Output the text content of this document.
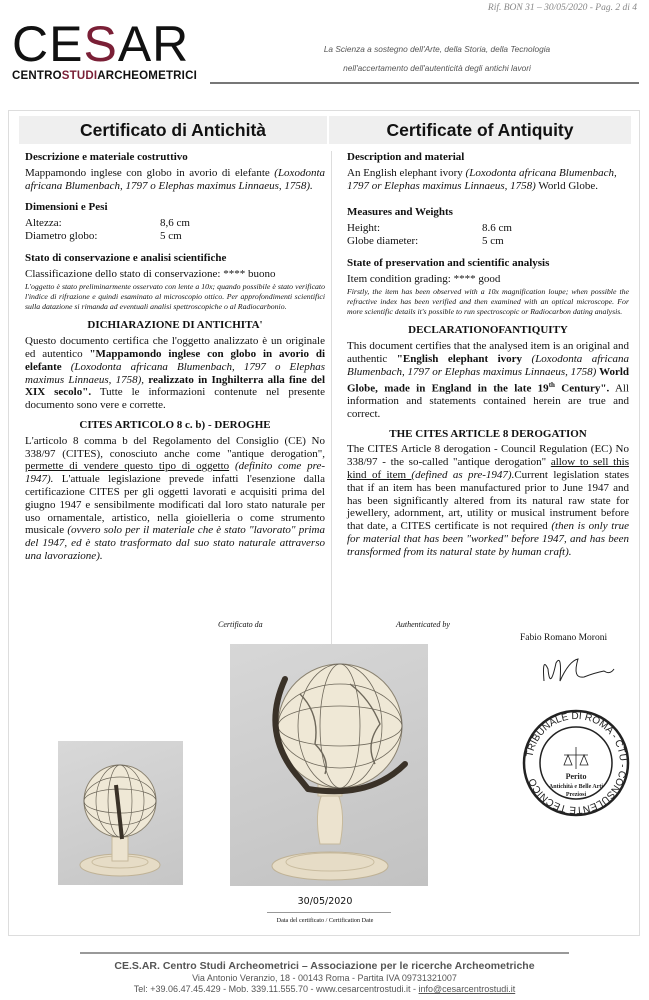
Rif. BON 31 – 30/05/2020 - Pag. 2 di 4
CESAR
CENTROSTUDIARCHEOMETRICI
La Scienza a sostegno dell'Arte, della Storia, della Tecnologia
nell'accertamento dell'autenticità degli antichi lavori
Certificato di Antichità	Certificate of Antiquity
Descrizione e materiale costruttivo
Mappamondo inglese con globo in avorio di elefante (Loxodonta africana Blumenbach, 1797 o Elephas maximus Linnaeus, 1758).
Dimensioni e Pesi
Altezza:	8,6 cm
Diametro globo:	5 cm
Stato di conservazione e analisi scientifiche
Classificazione dello stato di conservazione: **** buono
L'oggetto è stato preliminarmente osservato con lente a 10x; quando possibile è stato verificato l'indice di rifrazione e quindi esaminato al microscopio ottico. Per approfondimenti scientifici sulla datazione si rimanda ad eventuali analisi spettroscopiche o al Radiocarbonio.
DICHIARAZIONE DI ANTICHITA'
Questo documento certifica che l'oggetto analizzato è un originale ed autentico "Mappamondo inglese con globo in avorio di elefante (Loxodonta africana Blumenbach, 1797 o Elephas maximus Linnaeus, 1758), realizzato in Inghilterra alla fine del XIX secolo". Tutte le informazioni contenute nel presente documento sono vere e corrette.
CITES ARTICOLO 8 c. b) - DEROGHE
L'articolo 8 comma b del Regolamento del Consiglio (CE) No 338/97 (CITES), conosciuto anche come "antique derogation", permette di vendere questo tipo di oggetto (definito come pre-1947). L'attuale legislazione prevede infatti l'esenzione dalla certificazione CITES per gli oggetti lavorati e acquisiti prima del giugno 1947 e sensibilmente modificati dal loro stato naturale per uso ornamentale, artistico, nella gioielleria o come strumento musicale (ovvero solo per il materiale che è stato "lavorato" prima del 1947, ed è stato trasformato dal suo stato naturale attraverso una lavorazione).
Description and material
An English elephant ivory (Loxodonta africana Blumenbach, 1797 or Elephas maximus Linnaeus, 1758) World Globe.
Measures and Weights
Height:	8.6 cm
Globe diameter:	5 cm
State of preservation and scientific analysis
Item condition grading: **** good
Firstly, the item has been observed with a 10x magnification loupe; when possible the refractive index has been verified and then examined with an optical microscope. For more scientific details it's possible to run spectroscopic or Radiocarbon dating analysis.
DECLARATIONOFANTIQUITY
This document certifies that the analysed item is an original and authentic "English elephant ivory (Loxodonta africana Blumenbach, 1797 or Elephas maximus Linnaeus, 1758) World Globe, made in England in the late 19th Century". All information and statements contained herein are true and correct.
THE CITES ARTICLE 8 DEROGATION
The CITES Article 8 derogation - Council Regulation (EC) No 338/97 - the so-called "antique derogation" allow to sell this kind of item (defined as pre-1947).Current legislation states that if an item has been manufactured prior to June 1947 and has been significantly altered from its natural raw state for jewellery, adornment, art, utility or musical instrument before that date, a CITES certificate is not required (then is only true for material that has been "worked" before 1947, and has been transformed from its natural state by human craft).
Certificato da	Authenticated by
Fabio Romano Moroni
TRIBUNALE DI ROMA - CTU - CONSULENTE TECNICO	Perito
Antichità e Belle Arti
Preziosi
30/05/2020
Data del certificato / Certification Date
CE.S.AR. Centro Studi Archeometrici – Associazione per le ricerche Archeometriche
Via Antonio Veranzio, 18 - 00143 Roma - Partita IVA 09731321007
Tel: +39.06.47.45.429 - Mob. 339.11.555.70 - www.cesarcentrostudi.it - info@cesarcentrostudi.it
